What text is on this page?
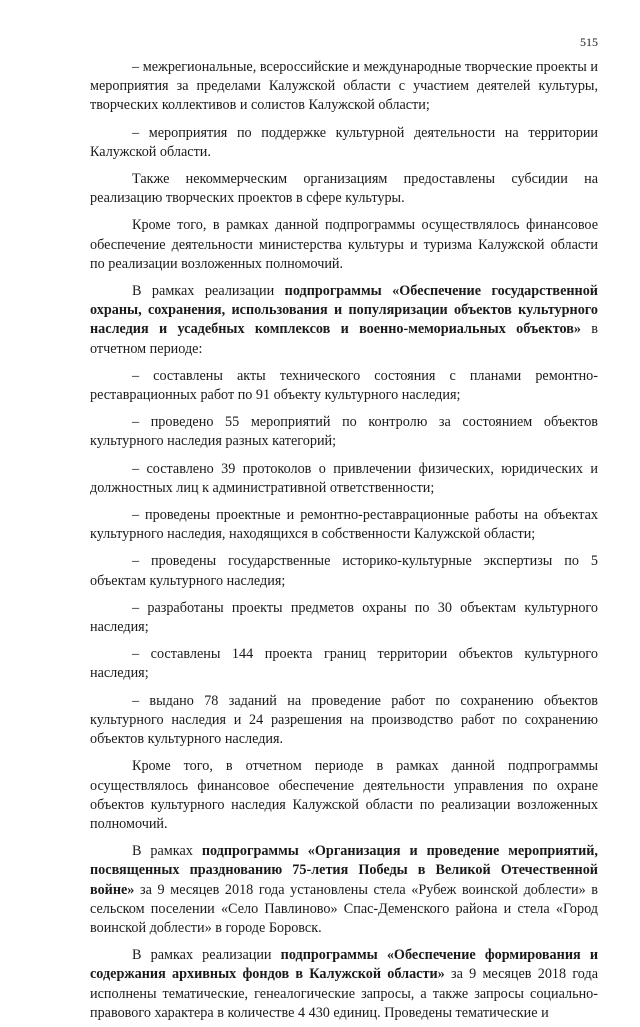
515

– межрегиональные, всероссийские и международные творческие проекты и мероприятия за пределами Калужской области с участием деятелей культуры, творческих коллективов и солистов Калужской области;

– мероприятия по поддержке культурной деятельности на территории Калужской области.

Также некоммерческим организациям предоставлены субсидии на реализацию творческих проектов в сфере культуры.

Кроме того, в рамках данной подпрограммы осуществлялось финансовое обеспечение деятельности министерства культуры и туризма Калужской области по реализации возложенных полномочий.

В рамках реализации подпрограммы «Обеспечение государственной охраны, сохранения, использования и популяризации объектов культурного наследия и усадебных комплексов и военно-мемориальных объектов» в отчетном периоде:

– составлены акты технического состояния с планами ремонтно-реставрационных работ по 91 объекту культурного наследия;

– проведено 55 мероприятий по контролю за состоянием объектов культурного наследия разных категорий;

– составлено 39 протоколов о привлечении физических, юридических и должностных лиц к административной ответственности;

– проведены проектные и ремонтно-реставрационные работы на объектах культурного наследия, находящихся в собственности Калужской области;

– проведены государственные историко-культурные экспертизы по 5 объектам культурного наследия;

– разработаны проекты предметов охраны по 30 объектам культурного наследия;

– составлены 144 проекта границ территории объектов культурного наследия;

– выдано 78 заданий на проведение работ по сохранению объектов культурного наследия и 24 разрешения на производство работ по сохранению объектов культурного наследия.

Кроме того, в отчетном периоде в рамках данной подпрограммы осуществлялось финансовое обеспечение деятельности управления по охране объектов культурного наследия Калужской области по реализации возложенных полномочий.

В рамках подпрограммы «Организация и проведение мероприятий, посвященных празднованию 75-летия Победы в Великой Отечественной войне» за 9 месяцев 2018 года установлены стела «Рубеж воинской доблести» в сельском поселении «Село Павлиново» Спас-Деменского района и стела «Город воинской доблести» в городе Боровск.

В рамках реализации подпрограммы «Обеспечение формирования и содержания архивных фондов в Калужской области» за 9 месяцев 2018 года исполнены тематические, генеалогические запросы, а также запросы социально-правового характера в количестве 4 430 единиц. Проведены тематические и
